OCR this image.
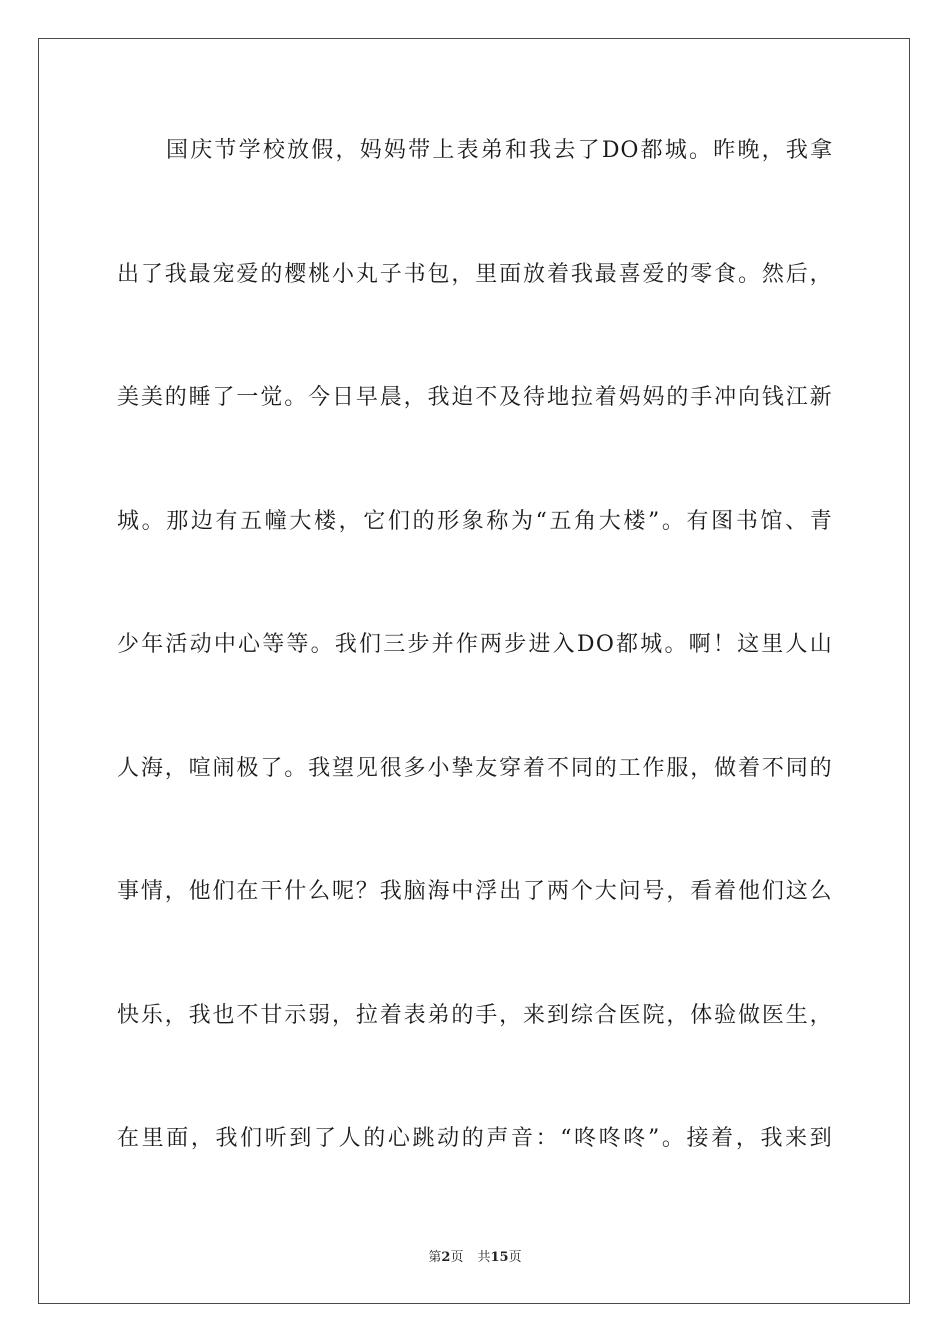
国庆节学校放假，妈妈带上表弟和我去了DO都城。昨晚，我拿
出了我最宠爱的樱桃小丸子书包，里面放着我最喜爱的零食。然后，
美美的睡了一觉。今日早晨，我迫不及待地拉着妈妈的手冲向钱江新
城。那边有五幢大楼，它们的形象称为“五角大楼”。有图书馆、青
少年活动中心等等。我们三步并作两步进入DO都城。啊！这里人山
人海，喧闹极了。我望见很多小挚友穿着不同的工作服，做着不同的
事情，他们在干什么呢？我脑海中浮出了两个大问号，看着他们这么
快乐，我也不甘示弱，拉着表弟的手，来到综合医院，体验做医生，
在里面，我们听到了人的心跳动的声音：“咚咚咚”。接着，我来到
第2页 共15页
